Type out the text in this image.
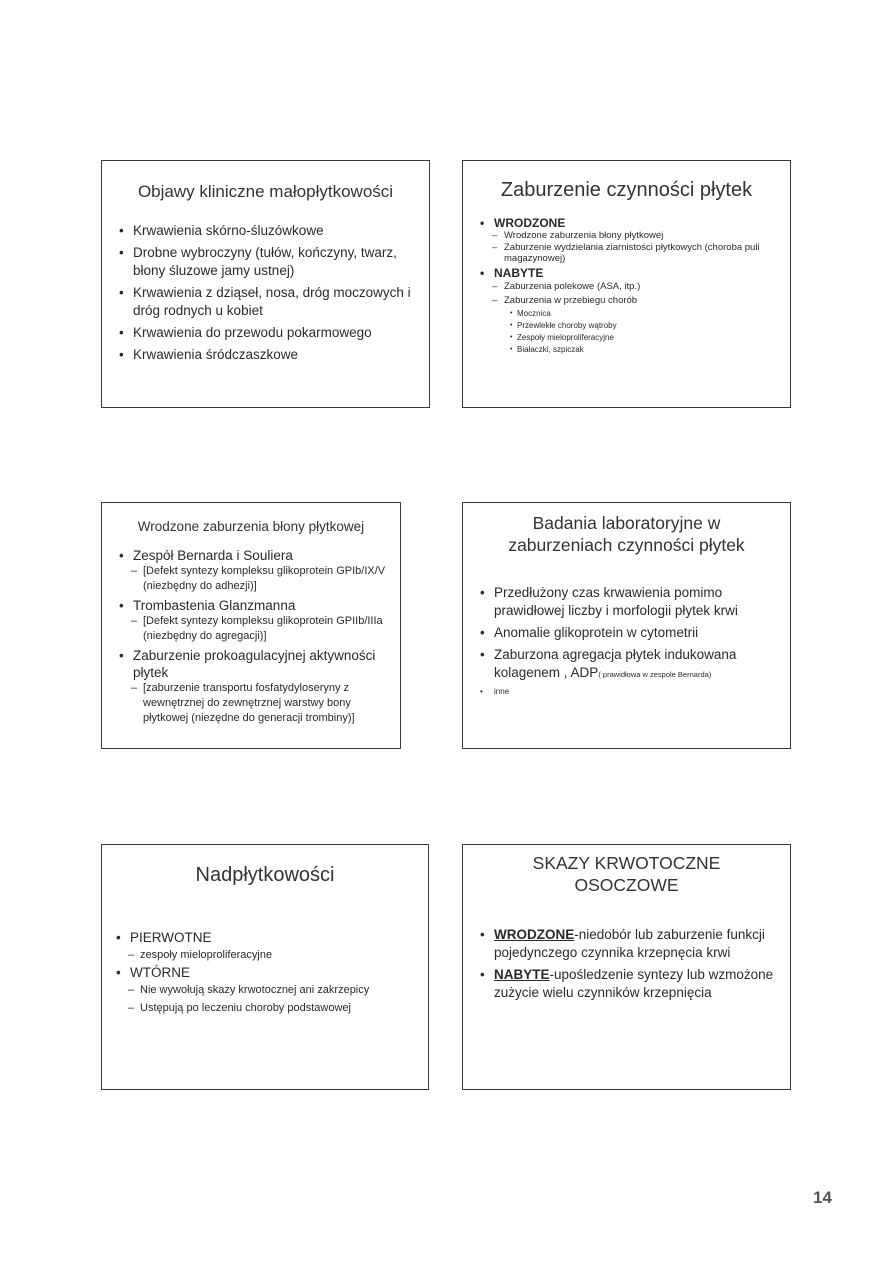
Objawy kliniczne małopłytkowości
• Krwawienia skórno-śluzówkowe
• Drobne wybroczyny (tułów, kończyny, twarz, błony śluzowe jamy ustnej)
• Krwawienia z dziąseł, nosa, dróg moczowych i dróg rodnych u kobiet
• Krwawienia do przewodu pokarmowego
• Krwawienia śródczaszkowe
Zaburzenie czynności płytek
• WRODZONE
– Wrodzone zaburzenia błony płytkowej
– Zaburzenie wydzielania ziarnistości płytkowych (choroba puli magazynowej)
• NABYTE
– Zaburzenia polekowe (ASA, itp.)
– Zaburzenia w przebiegu chorób
• Mocznica
• Przewlekłe choroby wątroby
• Zespoły mieloproliferacyjne
• Białaczki, szpiczak
Wrodzone zaburzenia błony płytkowej
• Zespół Bernarda i Souliera
– [Defekt syntezy kompleksu glikoprotein GPIb/IX/V (niezbędny do adhezji)]
• Trombastenia Glanzmanna
– [Defekt syntezy kompleksu glikoprotein GPIIb/IIIa (niezbędny do agregacji)]
• Zaburzenie prokoagulacyjnej aktywności płytek
– [zaburzenie transportu fosfatydyloseryny z wewnętrznej do zewnętrznej warstwy bony płytkowej (niezędne do generacji trombiny)]
Badania laboratoryjne w zaburzeniach czynności płytek
• Przedłużony czas krwawienia pomimo prawidłowej liczby i morfologii płytek krwi
• Anomalie glikoprotein w cytometrii
• Zaburzona agregacja płytek indukowana kolagenem , ADP( prawidłowa w zespole Bernarda)
• inne
Nadpłytkowości
• PIERWOTNE
– zespoły mieloproliferacyjne
• WTÓRNE
– Nie wywołują skazy krwotocznej ani zakrzepicy
– Ustępują po leczeniu choroby podstawowej
SKAZY KRWOTOCZNE OSOCZOWE
• WRODZONE-niedobór lub zaburzenie funkcji pojedynczego czynnika krzepnęcia krwi
• NABYTE-upośledzenie syntezy lub wzmożone zużycie wielu czynników krzepnięcia
14
